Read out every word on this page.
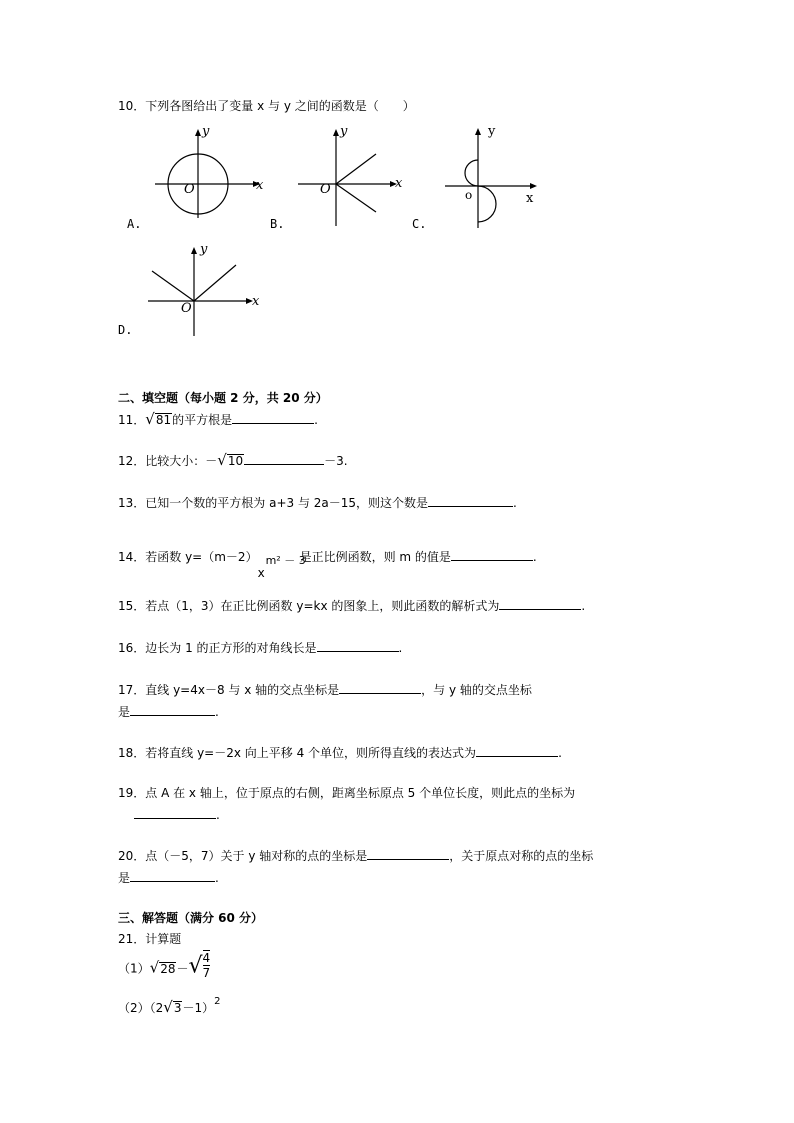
10．下列各图给出了变量 x 与 y 之间的函数是（　　）
y
x
O
A.
y
x
O
B.
y
x
o
C.
y
x
O
D.
二、填空题（每小题 2 分，共 20 分）
11．√81的平方根是	.
12．比较大小：－√10	－3.
13．已知一个数的平方根为 a+3 与 2a－15，则这个数是	.
14．若函数 y=（m－2）
x
m² － 3
是正比例函数，则 m 的值是	.
15．若点（1，3）在正比例函数 y=kx 的图象上，则此函数的解析式为	.
16．边长为 1 的正方形的对角线长是	.
17．直线 y=4x－8 与 x 轴的交点坐标是	，与 y 轴的交点坐标
是	.
18．若将直线 y=－2x 向上平移 4 个单位，则所得直线的表达式为	.
19．点 A 在 x 轴上，位于原点的右侧，距离坐标原点 5 个单位长度，则此点的坐标为
.
20．点（－5，7）关于 y 轴对称的点的坐标是	，关于原点对称的点的坐标
是	.
三、解答题（满分 60 分）
21．计算题
$(1)√28-√ \frac{4}{7}$
$(2)(2√3-1)^2$
